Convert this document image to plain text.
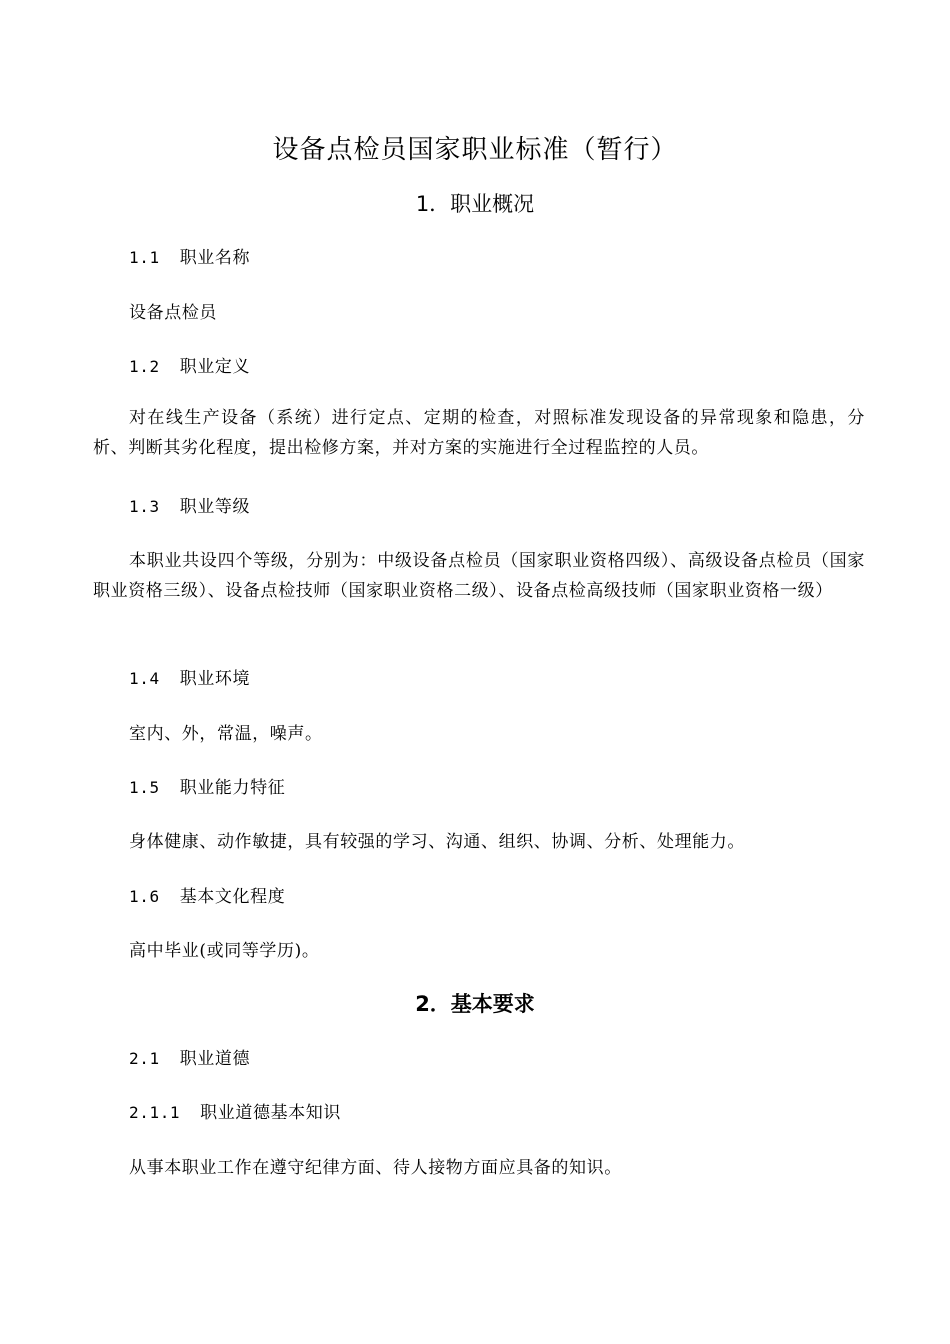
设备点检员国家职业标准（暂行）
1．职业概况
1.1 职业名称
设备点检员
1.2 职业定义
对在线生产设备（系统）进行定点、定期的检查，对照标准发现设备的异常现象和隐患，分析、判断其劣化程度，提出检修方案，并对方案的实施进行全过程监控的人员。
1.3 职业等级
本职业共设四个等级，分别为：中级设备点检员（国家职业资格四级）、高级设备点检员（国家职业资格三级）、设备点检技师（国家职业资格二级）、设备点检高级技师（国家职业资格一级）
1.4 职业环境
室内、外，常温，噪声。
1.5 职业能力特征
身体健康、动作敏捷，具有较强的学习、沟通、组织、协调、分析、处理能力。
1.6 基本文化程度
高中毕业(或同等学历)。
2．基本要求
2.1 职业道德
2.1.1 职业道德基本知识
从事本职业工作在遵守纪律方面、待人接物方面应具备的知识。
